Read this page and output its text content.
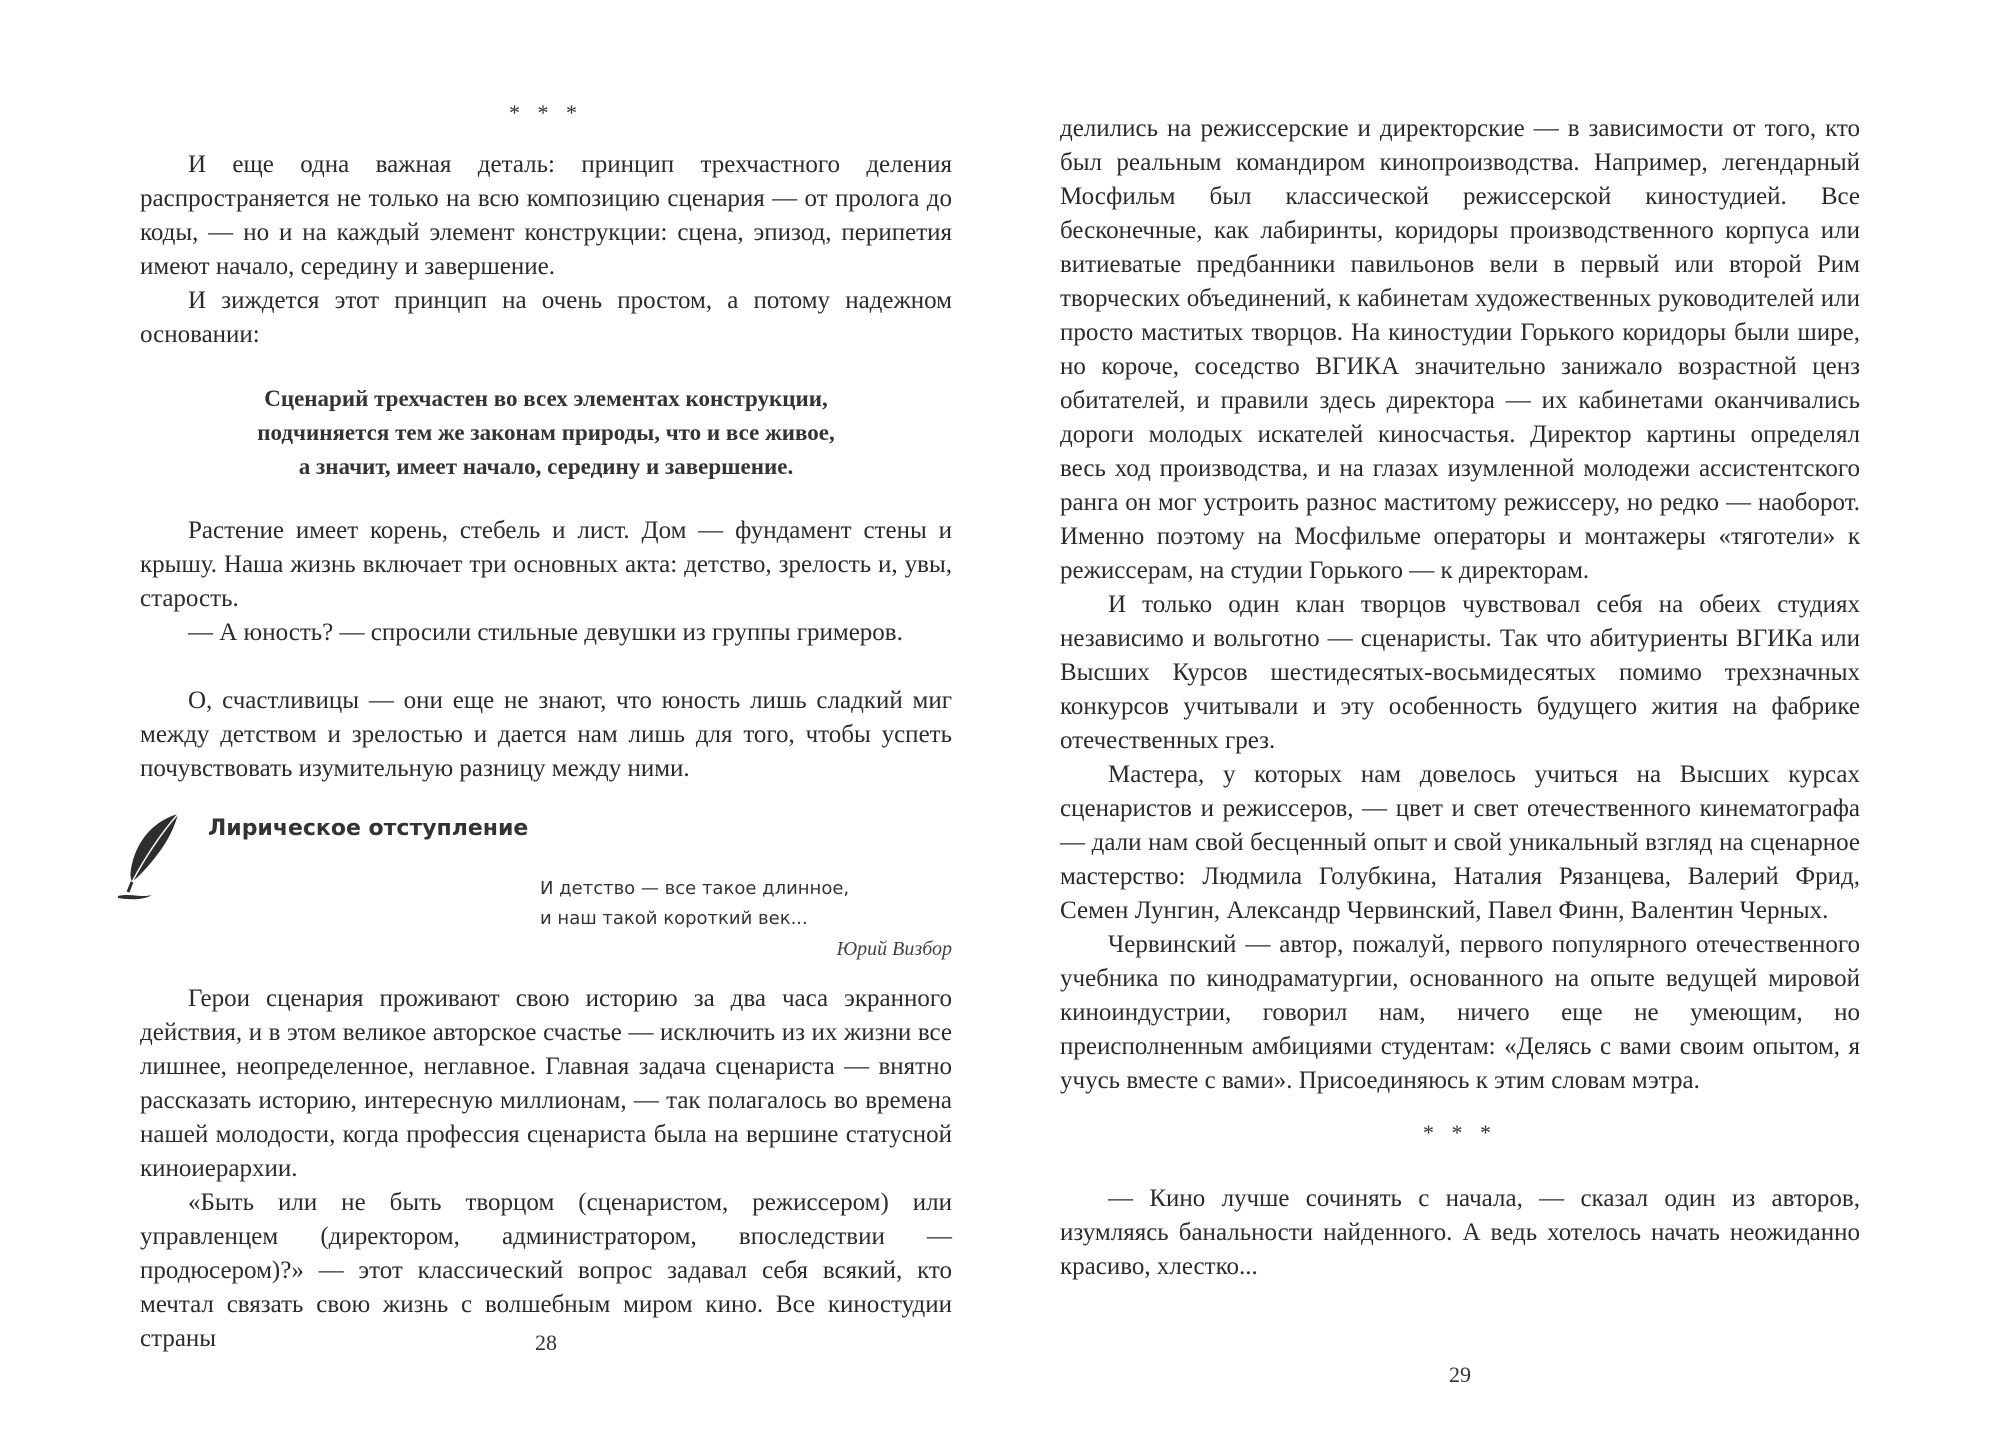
* * *

И еще одна важная деталь: принцип трехчастного деления распространяется не только на всю композицию сценария — от пролога до коды, — но и на каждый элемент конструкции: сцена, эпизод, перипетия имеют начало, середину и завершение.

И зиждется этот принцип на очень простом, а потому надежном основании:

Сценарий трехчастен во всех элементах конструкции,

подчиняется тем же законам природы, что и все живое,

а значит, имеет начало, середину и завершение.

Растение имеет корень, стебель и лист. Дом — фундамент стены и крышу. Наша жизнь включает три основных акта: детство, зрелость и, увы, старость.

— А юность? — спросили стильные девушки из группы гримеров.

О, счастливицы — они еще не знают, что юность лишь сладкий миг между детством и зрелостью и дается нам лишь для того, чтобы успеть почувствовать изумительную разницу между ними.

Лирическое отступление

И детство — все такое длинное,
и наш такой короткий век...

Юрий Визбор

Герои сценария проживают свою историю за два часа экранного действия, и в этом великое авторское счастье — исключить из их жизни все лишнее, неопределенное, неглавное. Главная задача сценариста — внятно рассказать историю, интересную миллионам, — так полагалось во времена нашей молодости, когда профессия сценариста была на вершине статусной киноиерархии.

«Быть или не быть творцом (сценаристом, режиссером) или управленцем (директором, администратором, впоследствии — продюсером)?» — этот классический вопрос задавал себя всякий, кто мечтал связать свою жизнь с волшебным миром кино. Все киностудии страны	28

делились на режиссерские и директорские — в зависимости от того, кто был реальным командиром кинопроизводства. Например, легендарный Мосфильм был классической режиссерской киностудией. Все бесконечные, как лабиринты, коридоры производственного корпуса или витиеватые предбанники павильонов вели в первый или второй Рим творческих объединений, к кабинетам художественных руководителей или просто маститых творцов. На киностудии Горького коридоры были шире, но короче, соседство ВГИКА значительно занижало возрастной ценз обитателей, и правили здесь директора — их кабинетами оканчивались дороги молодых искателей киносчастья. Директор картины определял весь ход производства, и на глазах изумленной молодежи ассистентского ранга он мог устроить разнос маститому режиссеру, но редко — наоборот. Именно поэтому на Мосфильме операторы и монтажеры «тяготели» к режиссерам, на студии Горького — к директорам.

И только один клан творцов чувствовал себя на обеих студиях независимо и вольготно — сценаристы. Так что абитуриенты ВГИКа или Высших Курсов шестидесятых-восьмидесятых помимо трехзначных конкурсов учитывали и эту особенность будущего жития на фабрике отечественных грез.

Мастера, у которых нам довелось учиться на Высших курсах сценаристов и режиссеров, — цвет и свет отечественного кинематографа — дали нам свой бесценный опыт и свой уникальный взгляд на сценарное мастерство: Людмила Голубкина, Наталия Рязанцева, Валерий Фрид, Семен Лунгин, Александр Червинский, Павел Финн, Валентин Черных.

Червинский — автор, пожалуй, первого популярного отечественного учебника по кинодраматургии, основанного на опыте ведущей мировой киноиндустрии, говорил нам, ничего еще не умеющим, но преисполненным амбициями студентам: «Делясь с вами своим опытом, я учусь вместе с вами». Присоединяюсь к этим словам мэтра.

* * *

— Кино лучше сочинять с начала, — сказал один из авторов, изумляясь банальности найденного. А ведь хотелось начать неожиданно красиво, хлестко...

29
